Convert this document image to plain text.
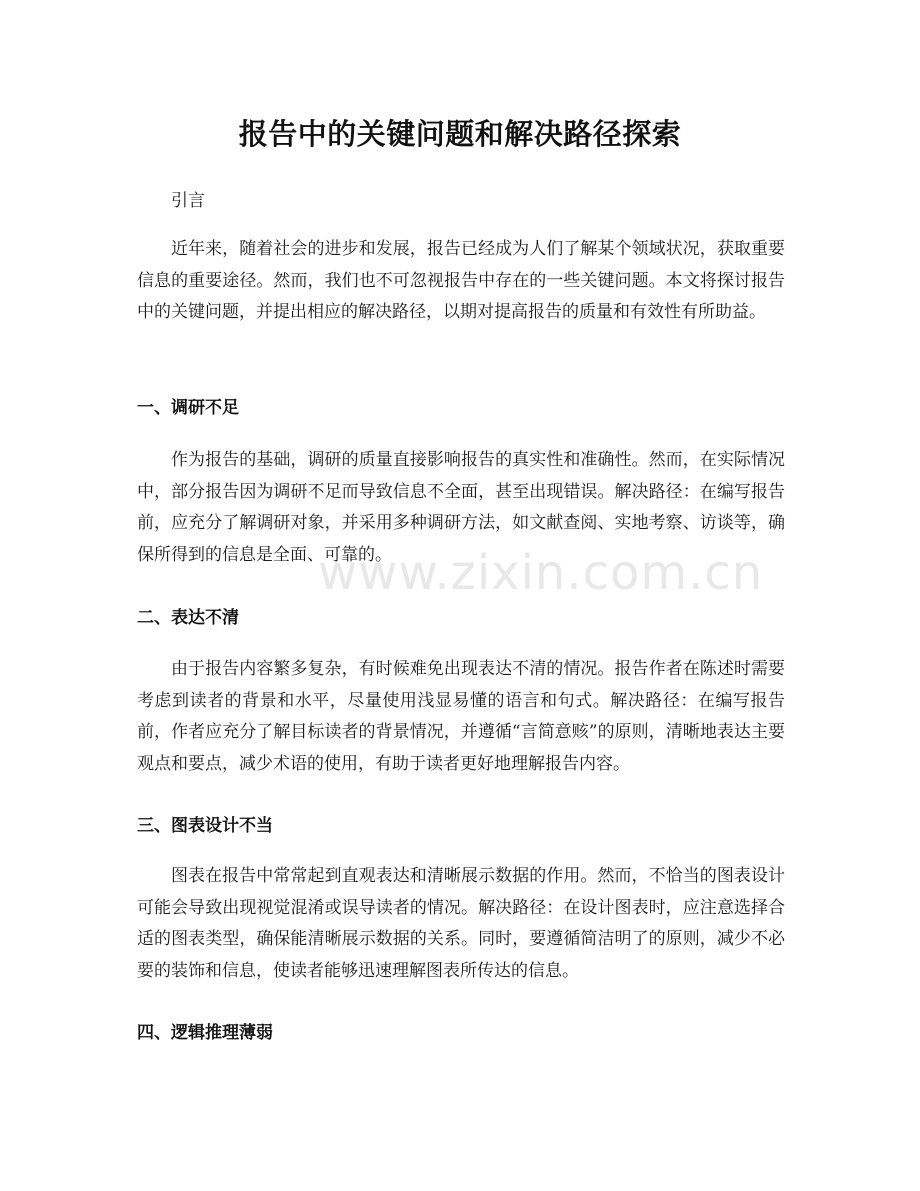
报告中的关键问题和解决路径探索

引言

近年来，随着社会的进步和发展，报告已经成为人们了解某个领域状况，获取重要信息的重要途径。然而，我们也不可忽视报告中存在的一些关键问题。本文将探讨报告中的关键问题，并提出相应的解决路径，以期对提高报告的质量和有效性有所助益。

一、调研不足

作为报告的基础，调研的质量直接影响报告的真实性和准确性。然而，在实际情况中，部分报告因为调研不足而导致信息不全面，甚至出现错误。解决路径：在编写报告前，应充分了解调研对象，并采用多种调研方法，如文献查阅、实地考察、访谈等，确保所得到的信息是全面、可靠的。

二、表达不清

由于报告内容繁多复杂，有时候难免出现表达不清的情况。报告作者在陈述时需要考虑到读者的背景和水平，尽量使用浅显易懂的语言和句式。解决路径：在编写报告前，作者应充分了解目标读者的背景情况，并遵循“言简意赅”的原则，清晰地表达主要观点和要点，减少术语的使用，有助于读者更好地理解报告内容。

三、图表设计不当

图表在报告中常常起到直观表达和清晰展示数据的作用。然而，不恰当的图表设计可能会导致出现视觉混淆或误导读者的情况。解决路径：在设计图表时，应注意选择合适的图表类型，确保能清晰展示数据的关系。同时，要遵循简洁明了的原则，减少不必要的装饰和信息，使读者能够迅速理解图表所传达的信息。

四、逻辑推理薄弱
www.zixin.com.cn
